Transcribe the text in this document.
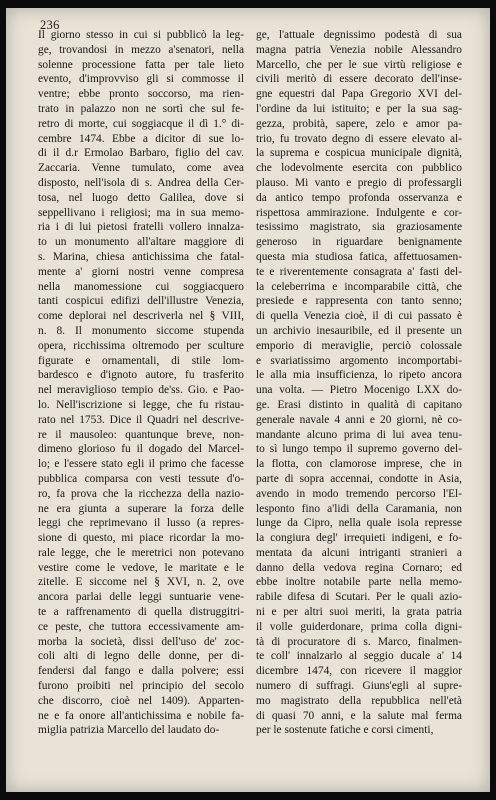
236
Il giorno stesso in cui si pubblicò la leg-
ge, trovandosi in mezzo a'senatori, nella
solenne processione fatta per tale lieto
evento, d'improvviso gli si commosse il
ventre; ebbe pronto soccorso, ma rien-
trato in palazzo non ne sortì che sul fe-
retro di morte, cui soggiacque il dì 1.° di-
cembre 1474. Ebbe a dicitor di sue lo-
di il d.r Ermolao Barbaro, figlio del cav.
Zaccaria. Venne tumulato, come avea
disposto, nell'isola di s. Andrea della Cer-
tosa, nel luogo detto Galilea, dove si
seppellivano i religiosi; ma in sua memo-
ria i di lui pietosi fratelli vollero innalza-
to un monumento all'altare maggiore di
s. Marina, chiesa antichissima che fatal-
mente a' giorni nostri venne compresa
nella manomessione cui soggiacquero
tanti cospicui edifizi dell'illustre Venezia,
come deplorai nel descriverla nel § VIII,
n. 8. Il monumento siccome stupenda
opera, ricchissima oltremodo per sculture
figurate e ornamentali, di stile lom-
bardesco e d'ignoto autore, fu trasferito
nel meraviglioso tempio de'ss. Gio. e Pao-
lo. Nell'iscrizione si legge, che fu ristau-
rato nel 1753. Dice il Quadri nel descrive-
re il mausoleo: quantunque breve, non-
dimeno glorioso fu il dogado del Marcel-
lo; e l'essere stato egli il primo che facesse
pubblica comparsa con vesti tessute d'o-
ro, fa prova che la ricchezza della nazio-
ne era giunta a superare la forza delle
leggi che reprimevano il lusso (a repres-
sione di questo, mi piace ricordar la mo-
rale legge, che le meretrici non potevano
vestire come le vedove, le maritate e le
zitelle. E siccome nel § XVI, n. 2, ove
ancora parlai delle leggi suntuarie vene-
te a raffrenamento di quella distruggitri-
ce peste, che tuttora eccessivamente am-
morba la società, dissi dell'uso de' zoc-
coli alti di legno delle donne, per di-
fendersi dal fango e dalla polvere; essi
furono proibiti nel principio del secolo
che discorro, cioè nel 1409). Apparten-
ne e fa onore all'antichissima e nobile fa-
miglia patrizia Marcello del laudato do-
ge, l'attuale degnissimo podestà di sua
magna patria Venezia nobile Alessandro
Marcello, che per le sue virtù religiose e
civili meritò di essere decorato dell'inse-
gne equestri dal Papa Gregorio XVI del-
l'ordine da lui istituito; e per la sua sag-
gezza, probità, sapere, zelo e amor pa-
trio, fu trovato degno di essere elevato al-
la suprema e cospicua municipale dignità,
che lodevolmente esercita con pubblico
plauso. Mi vanto e pregio di professargli
da antico tempo profonda osservanza e
rispettosa ammirazione. Indulgente e cor-
tesissimo magistrato, sia graziosamente
generoso in riguardare benignamente
questa mia studiosa fatica, affettuosamen-
te e riverentemente consagrata a' fasti del-
la celeberrima e incomparabile città, che
presiede e rappresenta con tanto senno;
di quella Venezia cioè, il di cui passato è
un archivio inesauribile, ed il presente un
emporio di meraviglie, perciò colossale
e svariatissimo argomento incomportabi-
le alla mia insufficienza, lo ripeto ancora
una volta. — Pietro Mocenigo LXX do-
ge. Erasi distinto in qualità di capitano
generale navale 4 anni e 20 giorni, nè co-
mandante alcuno prima di lui avea tenu-
to sì lungo tempo il supremo governo del-
la flotta, con clamorose imprese, che in
parte di sopra accennai, condotte in Asia,
avendo in modo tremendo percorso l'El-
lesponto fino a'lidi della Caramania, non
lunge da Cipro, nella quale isola represse
la congiura degl' irrequieti indigeni, e fo-
mentata da alcuni intriganti stranieri a
danno della vedova regina Cornaro; ed
ebbe inoltre notabile parte nella memo-
rabile difesa di Scutari. Per le quali azio-
ni e per altri suoi meriti, la grata patria
il volle guiderdonare, prima colla digni-
tà di procuratore di s. Marco, finalmen-
te coll' innalzarlo al seggio ducale a' 14
dicembre 1474, con ricevere il maggior
numero di suffragi. Giuns'egli al supre-
mo magistrato della repubblica nell'età
di quasi 70 anni, e la salute mal ferma
per le sostenute fatiche e corsi cimenti,
